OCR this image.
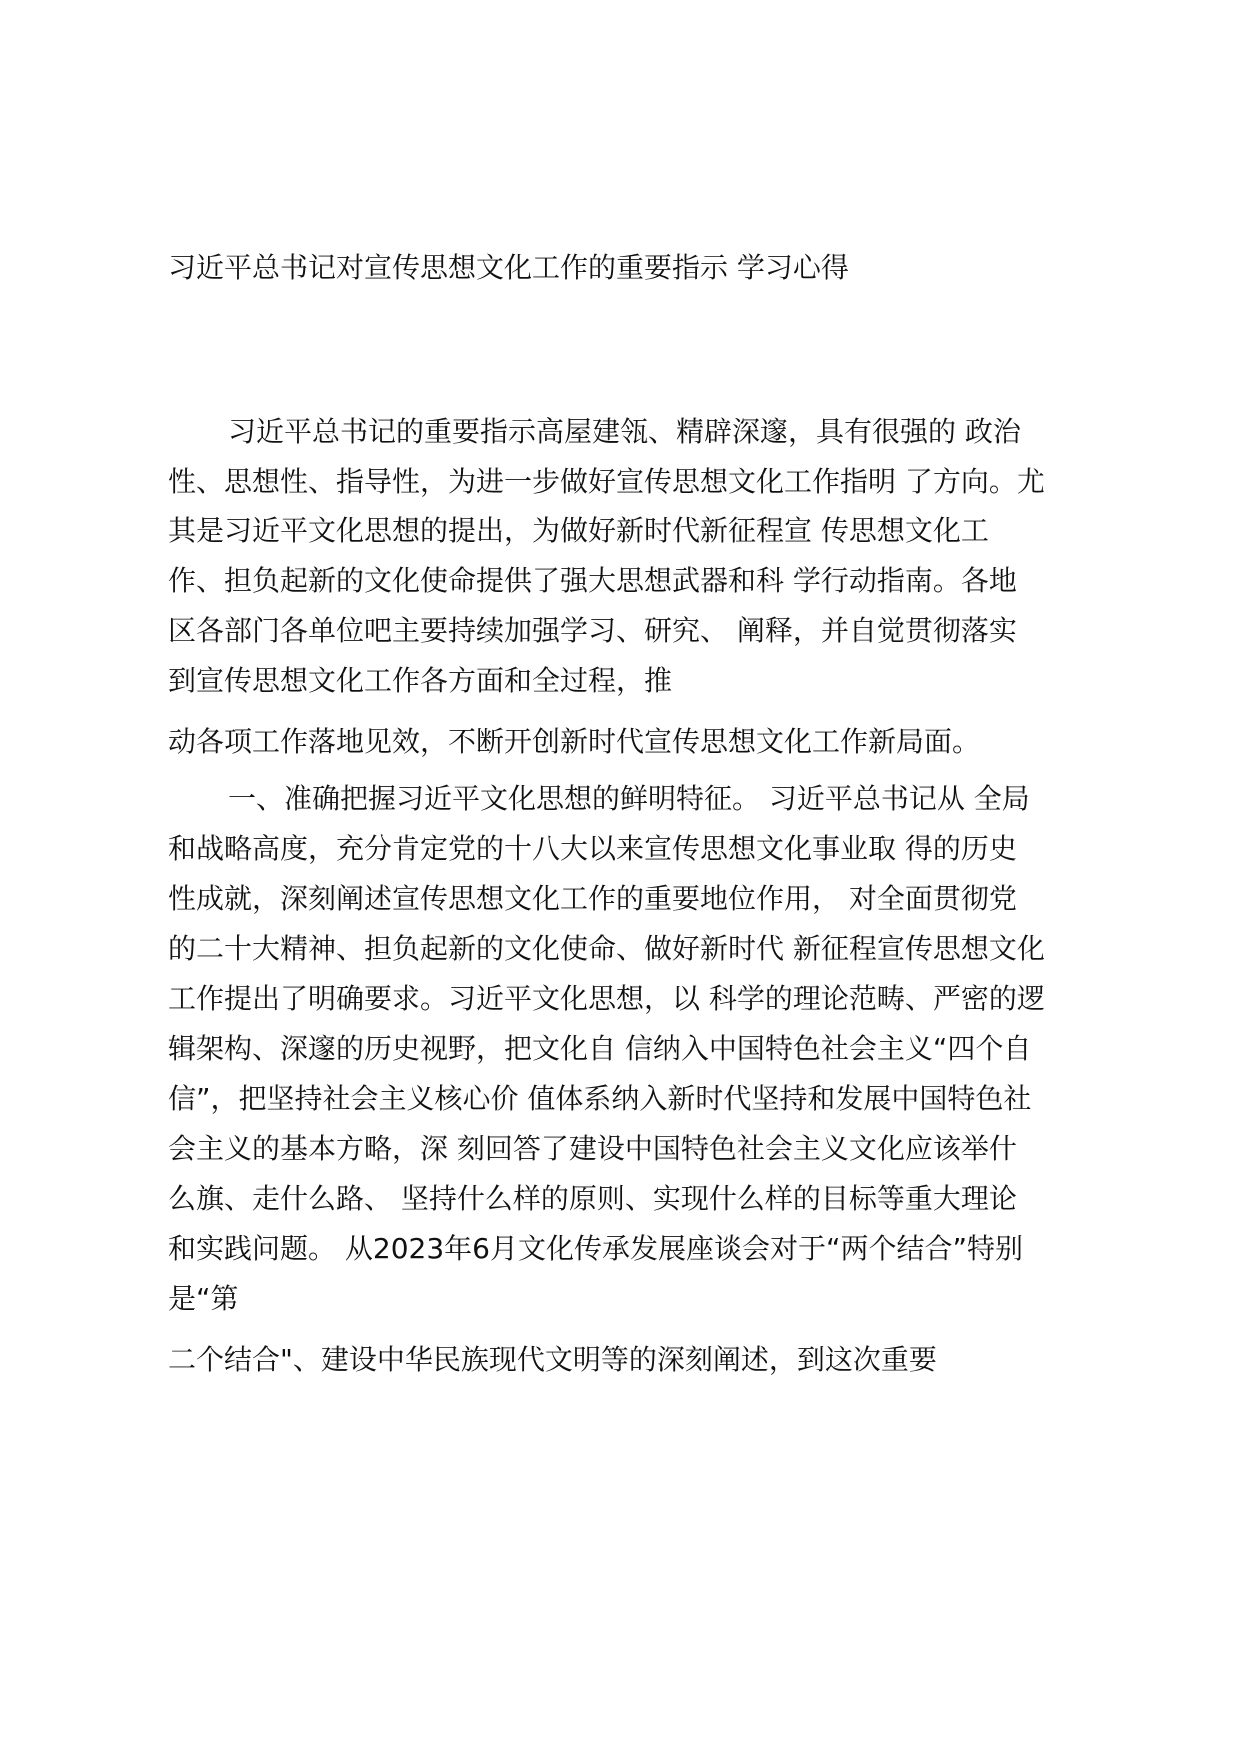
习近平总书记对宣传思想文化工作的重要指示 学习心得
习近平总书记的重要指示高屋建瓴、精辟深邃，具有很强的 政治
性、思想性、指导性，为进一步做好宣传思想文化工作指明 了方向。尤
其是习近平文化思想的提出，为做好新时代新征程宣 传思想文化工
作、担负起新的文化使命提供了强大思想武器和科 学行动指南。各地
区各部门各单位吧主要持续加强学习、研究、 阐释，并自觉贯彻落实
到宣传思想文化工作各方面和全过程，推
动各项工作落地见效，不断开创新时代宣传思想文化工作新局面。
一、准确把握习近平文化思想的鲜明特征。 习近平总书记从 全局
和战略高度，充分肯定党的十八大以来宣传思想文化事业取 得的历史
性成就，深刻阐述宣传思想文化工作的重要地位作用， 对全面贯彻党
的二十大精神、担负起新的文化使命、做好新时代 新征程宣传思想文化
工作提出了明确要求。习近平文化思想，以 科学的理论范畴、严密的逻
辑架构、深邃的历史视野，把文化自 信纳入中国特色社会主义“四个自
信”，把坚持社会主义核心价 值体系纳入新时代坚持和发展中国特色社
会主义的基本方略，深 刻回答了建设中国特色社会主义文化应该举什
么旗、走什么路、 坚持什么样的原则、实现什么样的目标等重大理论
和实践问题。 从2023年6月文化传承发展座谈会对于“两个结合”特别
是“第
二个结合"、建设中华民族现代文明等的深刻阐述，到这次重要
